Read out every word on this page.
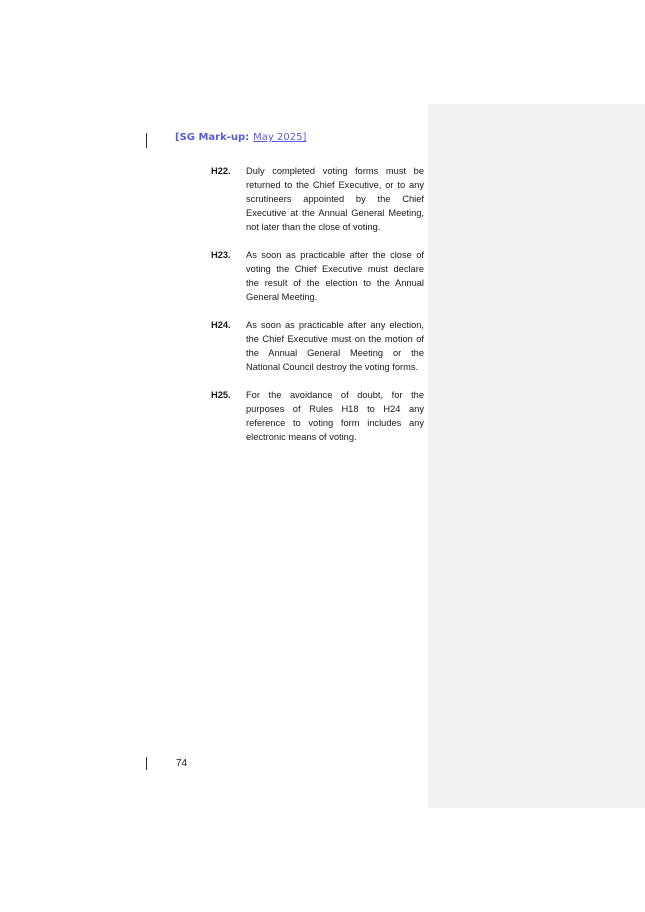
[SG Mark-up: May 2025]
H22.	Duly completed voting forms must be returned to the Chief Executive, or to any scrutineers appointed by the Chief Executive at the Annual General Meeting, not later than the close of voting.
H23.	As soon as practicable after the close of voting the Chief Executive must declare the result of the election to the Annual General Meeting.
H24.	As soon as practicable after any election, the Chief Executive must on the motion of the Annual General Meeting or the National Council destroy the voting forms.
H25.	For the avoidance of doubt, for the purposes of Rules H18 to H24 any reference to voting form includes any electronic means of voting.
74
